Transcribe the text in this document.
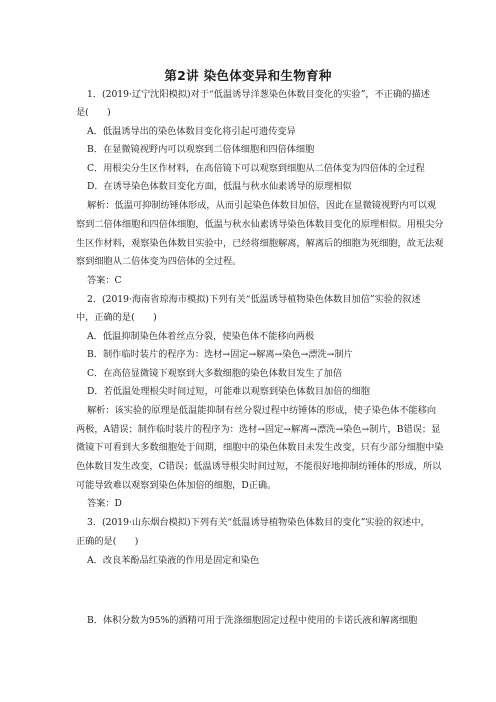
第2讲 染色体变异和生物育种
1．(2019·辽宁沈阳模拟)对于“低温诱导洋葱染色体数目变化的实验”，不正确的描述
是(　　)
A．低温诱导出的染色体数目变化将引起可遗传变异
B．在显微镜视野内可以观察到二倍体细胞和四倍体细胞
C．用根尖分生区作材料，在高倍镜下可以观察到细胞从二倍体变为四倍体的全过程
D．在诱导染色体数目变化方面，低温与秋水仙素诱导的原理相似
解析：低温可抑制纺锤体形成，从而引起染色体数目加倍，因此在显微镜视野内可以观
察到二倍体细胞和四倍体细胞，低温与秋水仙素诱导染色体数目变化的原理相似。用根尖分
生区作材料，观察染色体数目实验中，已经将细胞解离，解离后的细胞为死细胞，故无法观
察到细胞从二倍体变为四倍体的全过程。
答案：C
2．(2019·海南省琼海市模拟)下列有关“低温诱导植物染色体数目加倍”实验的叙述
中，正确的是(　　)
A．低温抑制染色体着丝点分裂，使染色体不能移向两极
B．制作临时装片的程序为：选材→固定→解离→染色→漂洗→制片
C．在高倍显微镜下观察到大多数细胞的染色体数目发生了加倍
D．若低温处理根尖时间过短，可能难以观察到染色体数目加倍的细胞
解析：该实验的原理是低温能抑制有丝分裂过程中纺锤体的形成，使子染色体不能移向
两极，A错误；制作临时装片的程序为：选材→固定→解离→漂洗→染色→制片，B错误；显
微镜下可看到大多数细胞处于间期，细胞中的染色体数目未发生改变，只有少部分细胞中染
色体数目发生改变，C错误；低温诱导根尖时间过短，不能很好地抑制纺锤体的形成，所以
可能导致难以观察到染色体加倍的细胞，D正确。
答案：D
3．(2019·山东烟台模拟)下列有关“低温诱导植物染色体数目的变化”实验的叙述中，
正确的是(　　)
A．改良苯酚品红染液的作用是固定和染色
B．体积分数为95%的酒精可用于洗涤细胞固定过程中使用的卡诺氏液和解离细胞
